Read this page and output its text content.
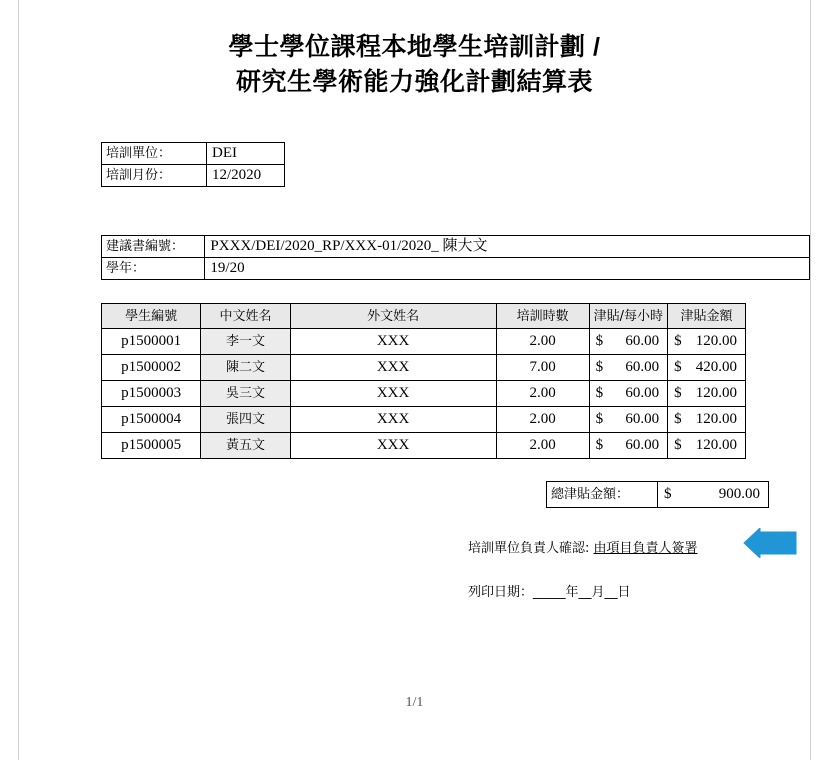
學士學位課程本地學生培訓計劃 /
研究生學術能力強化計劃結算表
培訓單位：	DEI
培訓月份：	12/2020
建議書編號：	PXXX/DEI/2020_RP/XXX-01/2020_ 陳大文
學年：	19/20
學生編號	中文姓名	外文姓名	培訓時數	津貼/每小時		津貼金額	
p1500001	李一文	XXX	2.00	$	60.00	$	120.00
p1500002	陳二文	XXX	7.00	$	60.00	$	420.00
p1500003	吳三文	XXX	2.00	$	60.00	$	120.00
p1500004	張四文	XXX	2.00	$	60.00	$	120.00
p1500005	黃五文	XXX	2.00	$	60.00	$	120.00
總津貼金額：	$	900.00
培訓單位負責人確認: 由項目負責人簽署
列印日期：_____年__月__日
1/1
